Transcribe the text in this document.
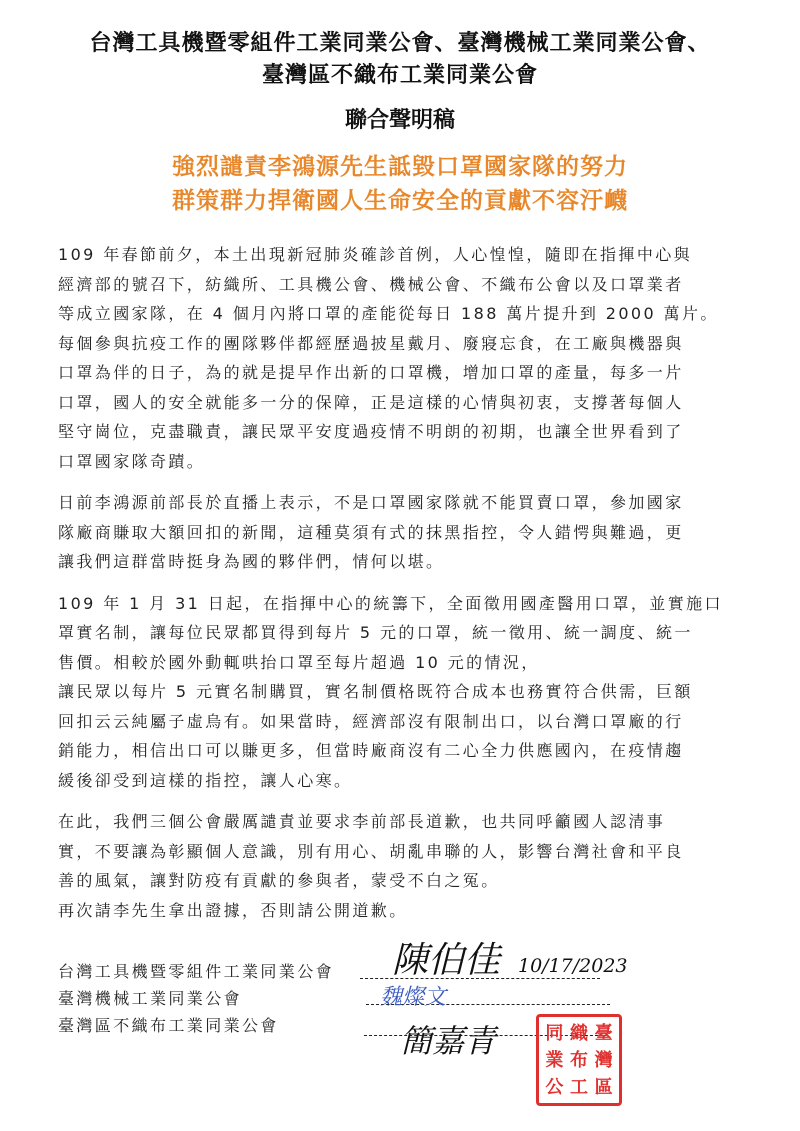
台灣工具機暨零組件工業同業公會、臺灣機械工業同業公會、
臺灣區不織布工業同業公會
聯合聲明稿
強烈譴責李鴻源先生詆毀口罩國家隊的努力
群策群力捍衛國人生命安全的貢獻不容汙衊

109 年春節前夕，本土出現新冠肺炎確診首例，人心惶惶，隨即在指揮中心與
經濟部的號召下，紡織所、工具機公會、機械公會、不織布公會以及口罩業者
等成立國家隊，在 4 個月內將口罩的產能從每日 188 萬片提升到 2000 萬片。
每個參與抗疫工作的團隊夥伴都經歷過披星戴月、廢寢忘食，在工廠與機器與
口罩為伴的日子，為的就是提早作出新的口罩機，增加口罩的產量，每多一片
口罩，國人的安全就能多一分的保障，正是這樣的心情與初衷，支撐著每個人
堅守崗位，克盡職責，讓民眾平安度過疫情不明朗的初期，也讓全世界看到了
口罩國家隊奇蹟。

日前李鴻源前部長於直播上表示，不是口罩國家隊就不能買賣口罩，參加國家
隊廠商賺取大額回扣的新聞，這種莫須有式的抹黑指控，令人錯愕與難過，更
讓我們這群當時挺身為國的夥伴們，情何以堪。

109 年 1 月 31 日起，在指揮中心的統籌下，全面徵用國產醫用口罩，並實施口
罩實名制，讓每位民眾都買得到每片 5 元的口罩，統一徵用、統一調度、統一
售價。相較於國外動輒哄抬口罩至每片超過 10 元的情況，
讓民眾以每片 5 元實名制購買，實名制價格既符合成本也務實符合供需，巨額
回扣云云純屬子虛烏有。如果當時，經濟部沒有限制出口，以台灣口罩廠的行
銷能力，相信出口可以賺更多，但當時廠商沒有二心全力供應國內，在疫情趨
緩後卻受到這樣的指控，讓人心寒。

在此，我們三個公會嚴厲譴責並要求李前部長道歉，也共同呼籲國人認清事
實，不要讓為彰顯個人意識，別有用心、胡亂串聯的人，影響台灣社會和平良
善的風氣，讓對防疫有貢獻的參與者，蒙受不白之冤。
再次請李先生拿出證據，否則請公開道歉。

台灣工具機暨零組件工業同業公會
臺灣機械工業同業公會
臺灣區不織布工業同業公會
陳伯佳
魏燦文
簡嘉青
10/17/2023
同 織 臺
業 布 灣
公 工 區
